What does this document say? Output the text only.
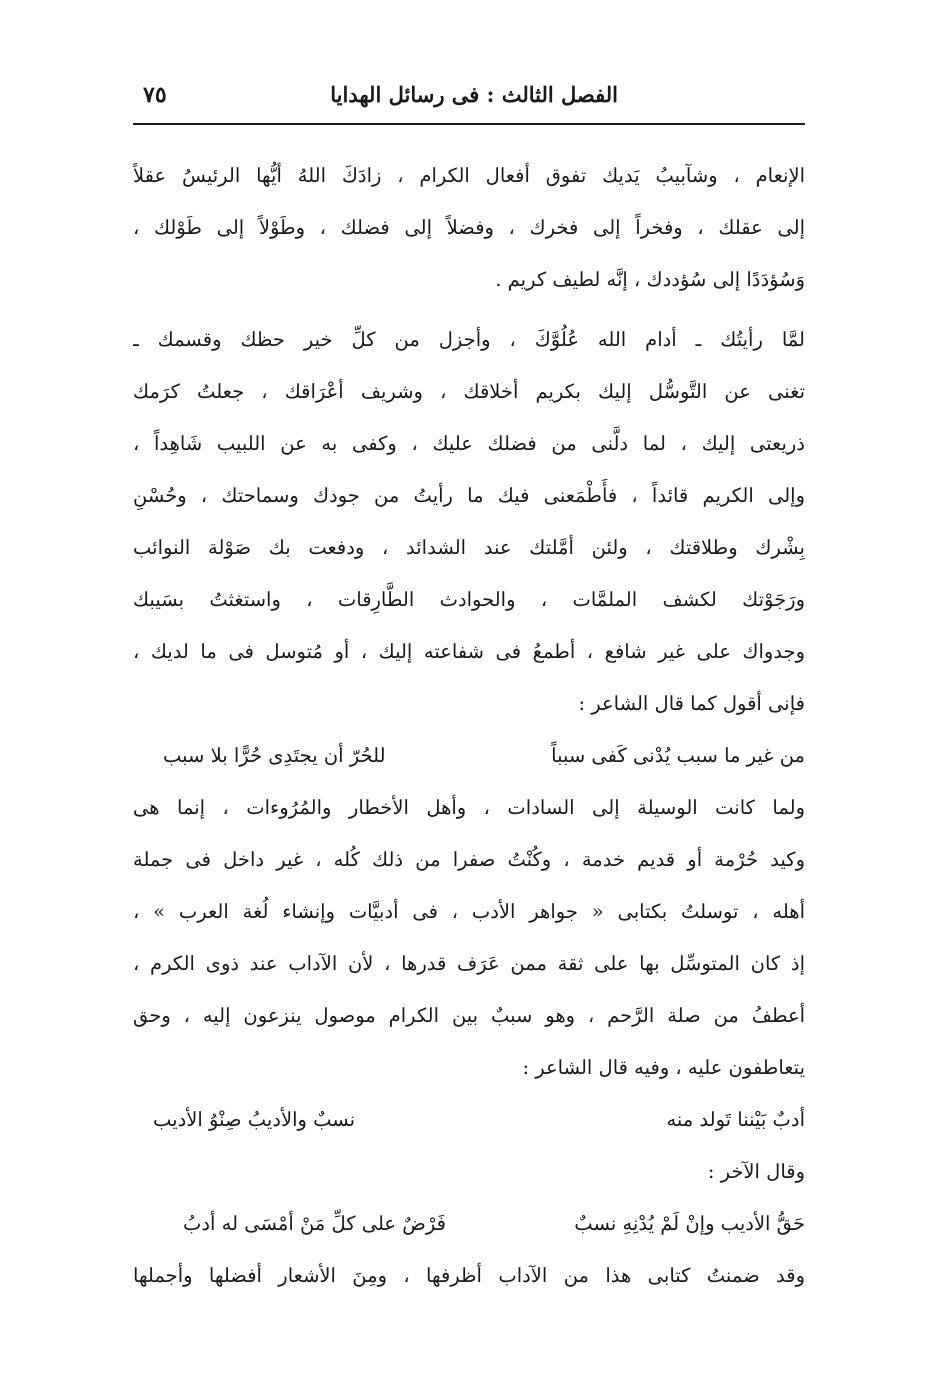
الفصل الثالث : فى رسائل الهدايا
٧٥
الإنعام ، وشآبيبُ يَديك تفوق أفعال الكرام ، زادَكَ اللهُ أيُّها الرئيسُ عقلاً
إلى عقلك ، وفخراً إلى فخرك ، وفضلاً إلى فضلك ، وطَوْلاً إلى طَوْلك ،
وَسُؤدَدًا إلى سُؤددك ، إنَّه لطيف كريم .
لمَّا رأيتُك ـ أدام الله عُلُوَّكَ ، وأجزل من كلِّ خير حظك وقسمك ـ
تغنى عن التَّوسُّل إليك بكريم أخلاقك ، وشريف أعْرَاقك ، جعلتُ كرَمك
ذريعتى إليك ، لما دلَّنى من فضلك عليك ، وكفى به عن اللبيب شَاهِداً ،
وإلى الكريم قائداً ، فأَطْمَعنى فيك ما رأيتُ من جودك وسماحتك ، وحُسْنِ
بِشْرك وطلاقتك ، ولئن أمَّلتك عند الشدائد ، ودفعت بك صَوْلة النوائب
ورَجَوْتك لكشف الملمَّات ، والحوادث الطَّارِقات ، واستغثتُ بسَيبك
وجدواك على غير شافع ، أطمعُ فى شفاعته إليك ، أو مُتوسل فى ما لديك ،
فإنى أقول كما قال الشاعر :
من غير ما سبب يُدْنى كَفى سبباً
للحُرّ أن يجتَدِى حُرًّا بلا سبب
ولما كانت الوسيلة إلى السادات ، وأهل الأخطار والمُرُوءات ، إنما هى
وكيد حُرْمة أو قديم خدمة ، وكُنْتُ صفرا من ذلك كُله ، غير داخل فى جملة
أهله ، توسلتُ بكتابى « جواهر الأدب ، فى أدبيَّات وإنشاء لُغة العرب » ،
إذ كان المتوسِّل بها على ثقة ممن عَرَف قدرها ، لأن الآداب عند ذوى الكرم ،
أعطفُ من صلة الرَّحم ، وهو سببٌ بين الكرام موصول ينزعون إليه ، وحق
يتعاطفون عليه ، وفيه قال الشاعر :
أدبٌ بَيْننا تَولد منه
نسبٌ والأديبُ صِنْوُ الأديب
وقال الآخر :
حَقُّ الأديب وإنْ لَمْ يُدْنِهِ نسبٌ
فَرْضٌ على كلِّ مَنْ أمْسَى له أدبُ
وقد ضمنتُ كتابى هذا من الآداب أظرفها ، ومِنَ الأشعار أفضلها وأجملها
